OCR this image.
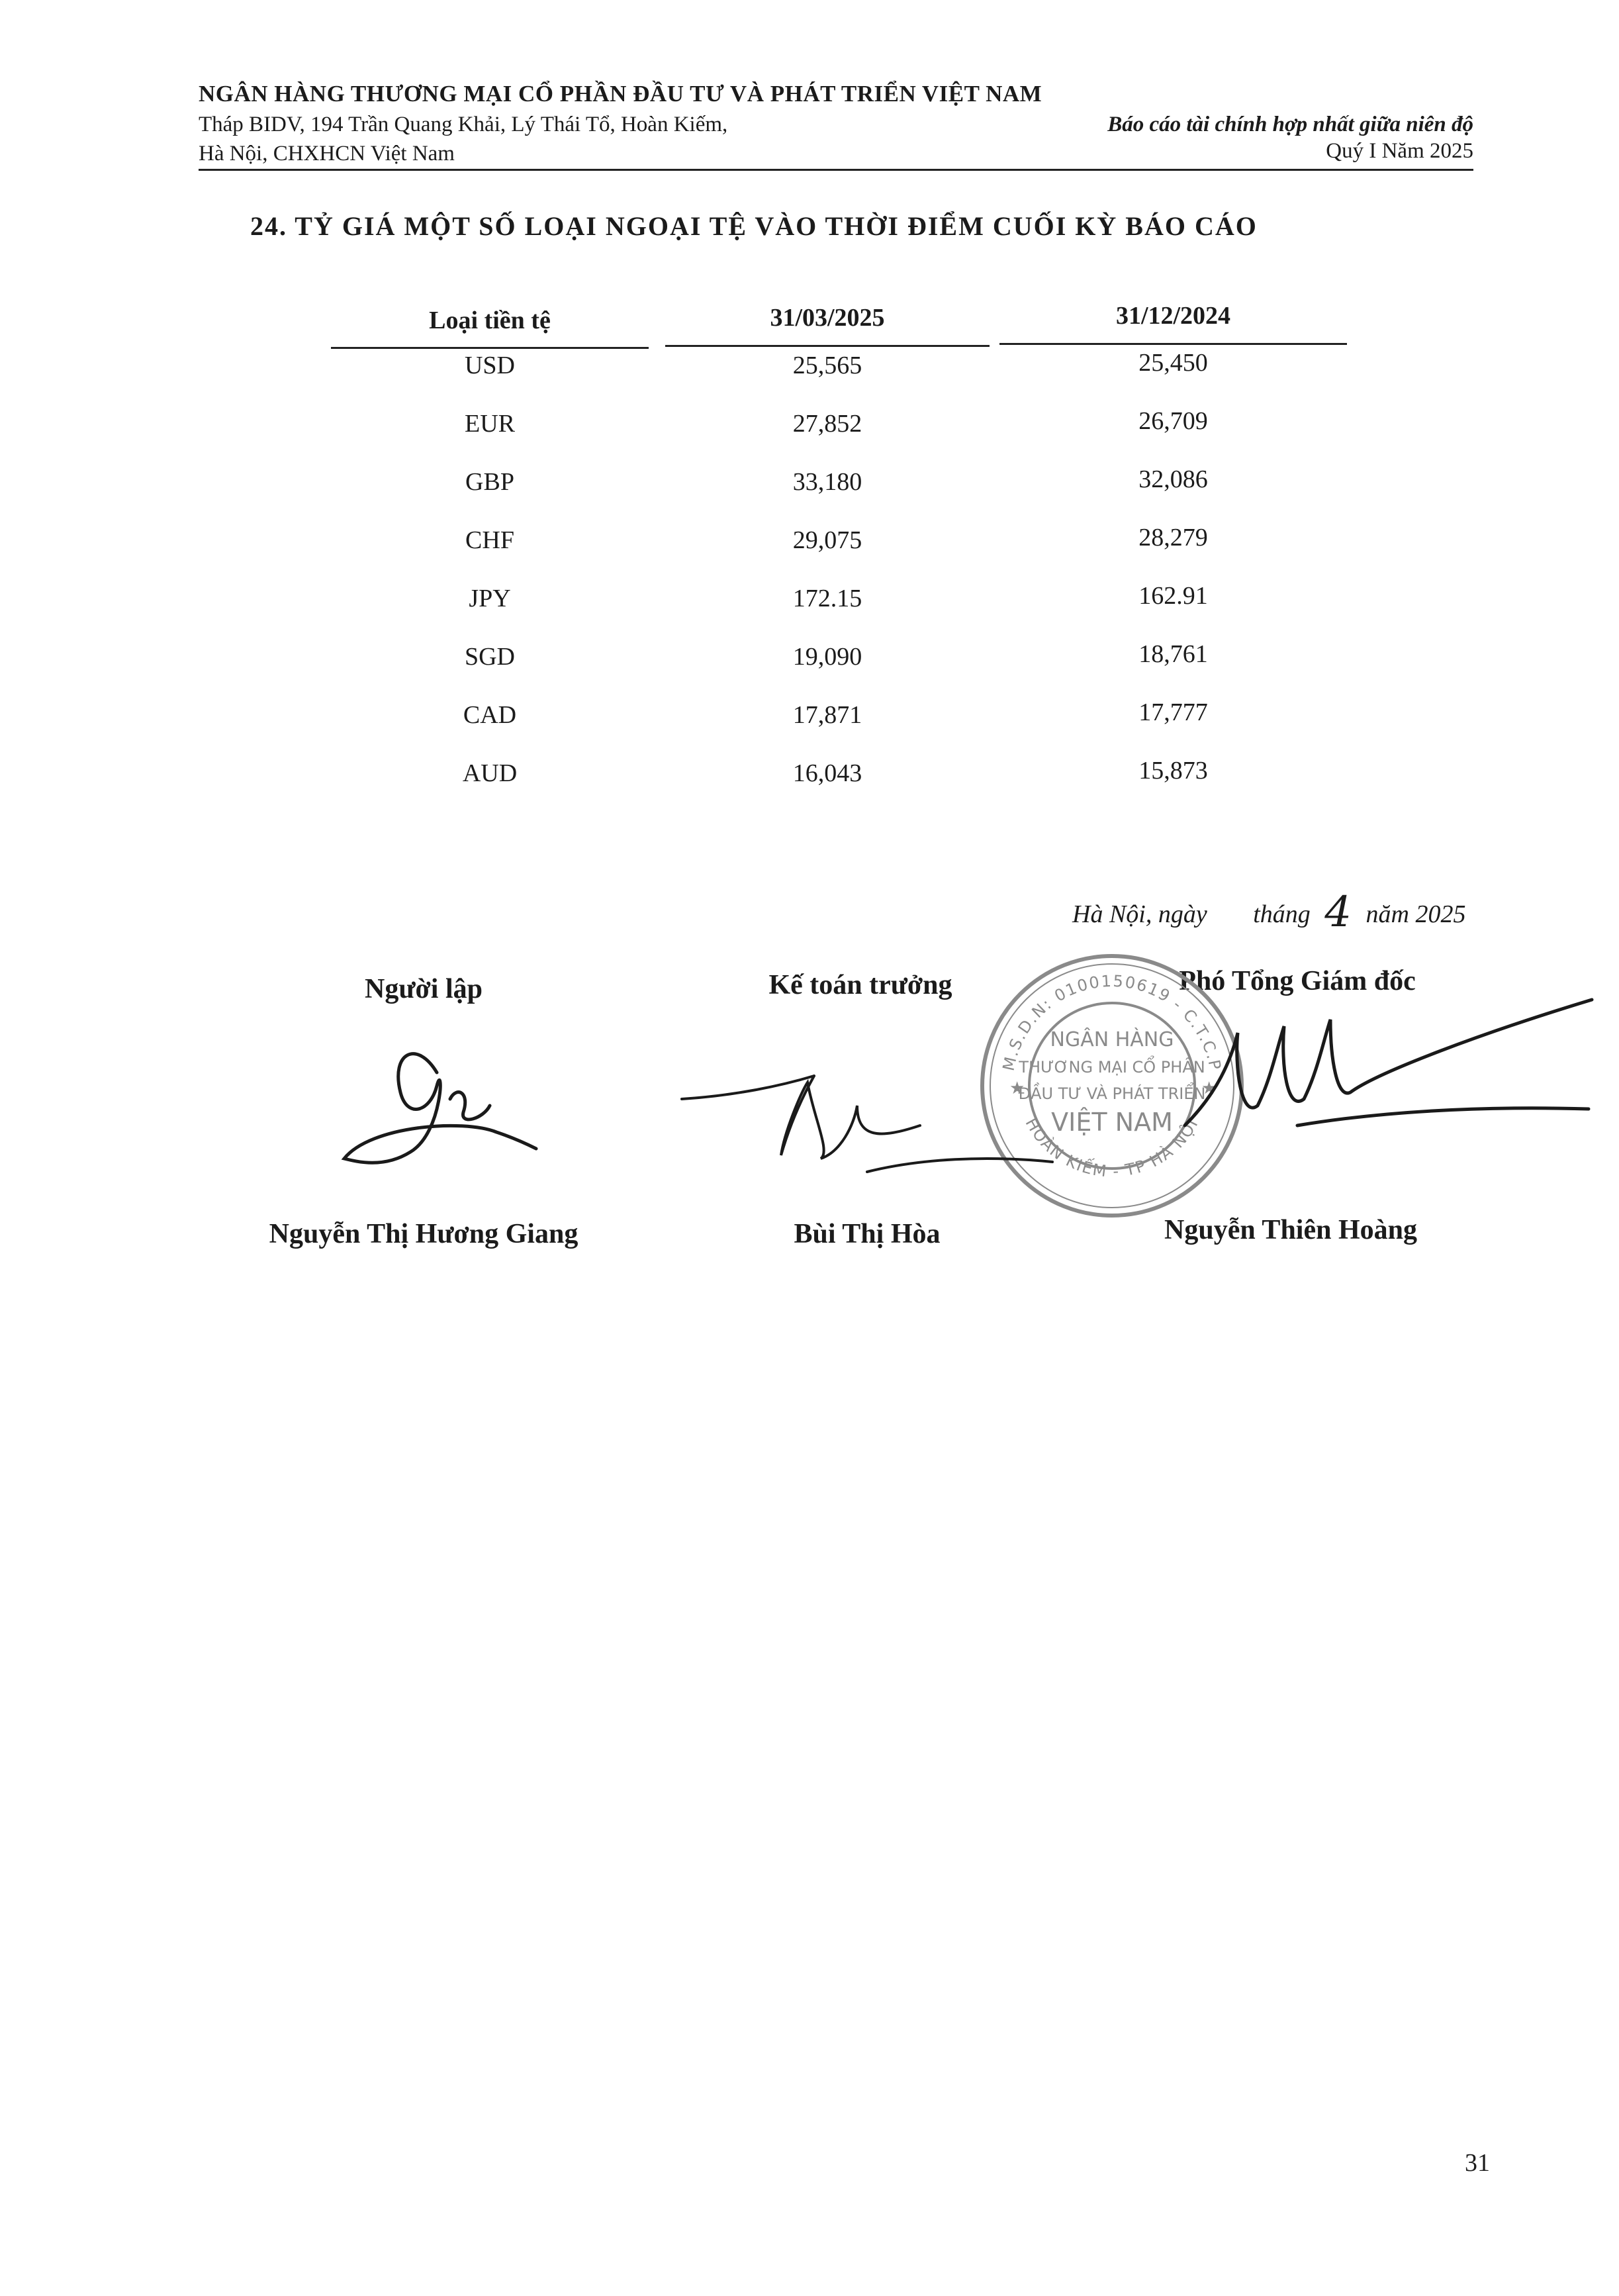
NGÂN HÀNG THƯƠNG MẠI CỔ PHẦN ĐẦU TƯ VÀ PHÁT TRIỂN VIỆT NAM
Tháp BIDV, 194 Trần Quang Khải, Lý Thái Tổ, Hoàn Kiếm,
Hà Nội, CHXHCN Việt Nam
Báo cáo tài chính hợp nhất giữa niên độ
Quý I Năm 2025
24. TỶ GIÁ MỘT SỐ LOẠI NGOẠI TỆ VÀO THỜI ĐIỂM CUỐI KỲ BÁO CÁO
Loại tiền tệ	31/03/2025	31/12/2024
USD	25,565	25,450
EUR	27,852	26,709
GBP	33,180	32,086
CHF	29,075	28,279
JPY	172.15	162.91
SGD	19,090	18,761
CAD	17,871	17,777
AUD	16,043	15,873
Hà Nội, ngày tháng 4 năm 2025
Người lập	Kế toán trưởng	Phó Tổng Giám đốc
M.S.D.N: 0100150619 - C.T.C.P
HOÀN KIẾM - TP HÀ NỘI
NGÂN HÀNG
THƯƠNG MẠI CỔ PHẦN
ĐẦU TƯ VÀ PHÁT TRIỂN
VIỆT NAM
★	★
Nguyễn Thị Hương Giang	Bùi Thị Hòa	Nguyễn Thiên Hoàng
31
